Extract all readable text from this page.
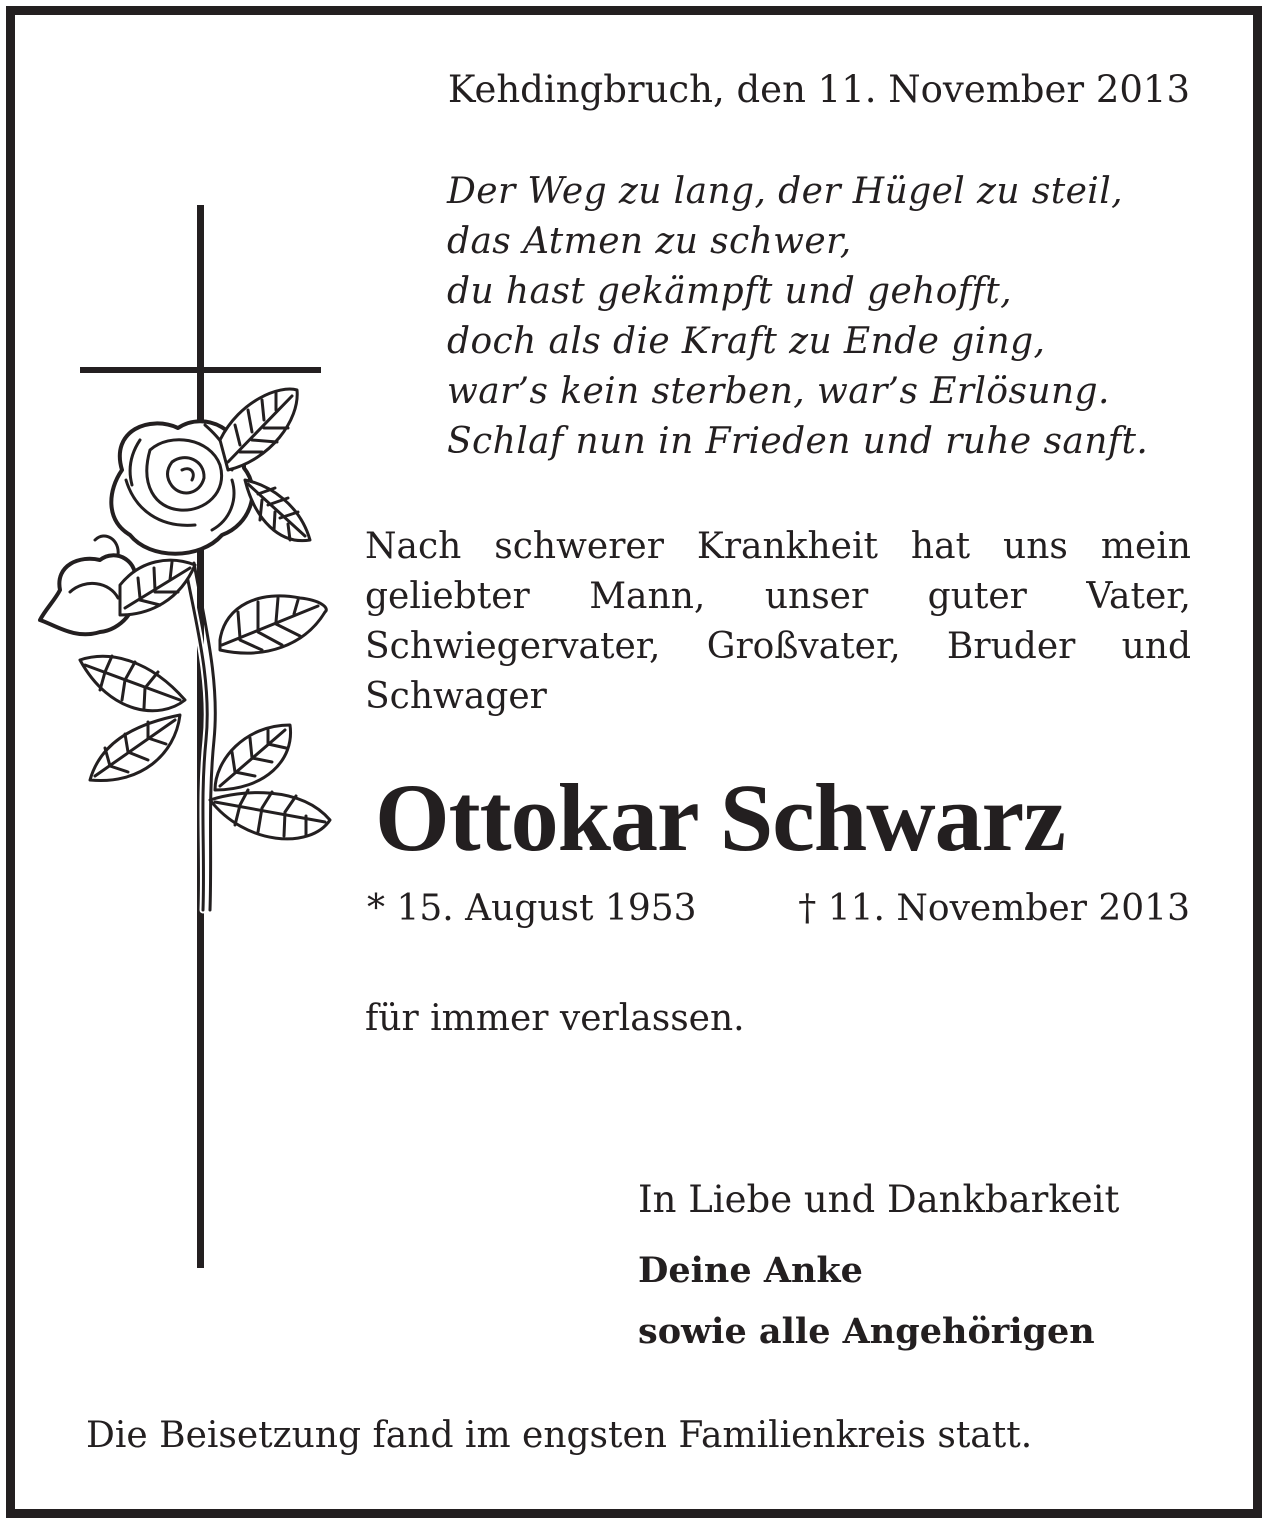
Kehdingbruch, den 11. November 2013
Der Weg zu lang, der Hügel zu steil,
das Atmen zu schwer,
du hast gekämpft und gehofft,
doch als die Kraft zu Ende ging,
war’s kein sterben, war’s Erlösung.
Schlaf nun in Frieden und ruhe sanft.
Nach schwerer Krankheit hat uns mein geliebter Mann, unser guter Vater, Schwiegervater, Großvater, Bruder und Schwager
Ottokar Schwarz
* 15. August 1953	† 11. November 2013
für immer verlassen.
In Liebe und Dankbarkeit
Deine Anke
sowie alle Angehörigen
Die Beisetzung fand im engsten Familienkreis statt.
